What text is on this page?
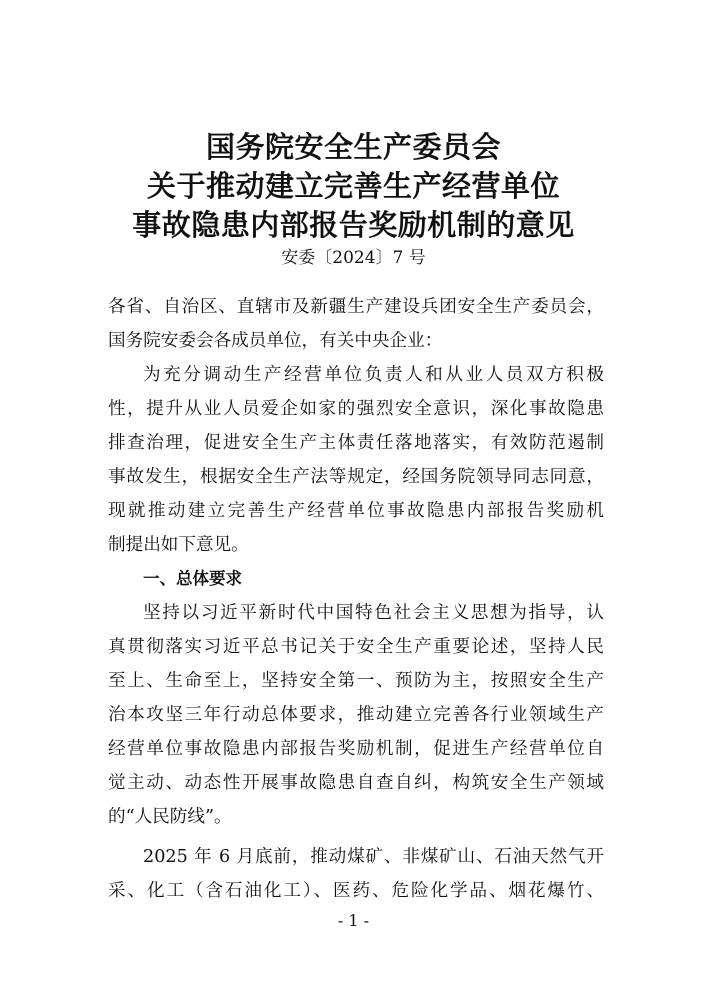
国务院安全生产委员会
关于推动建立完善生产经营单位
事故隐患内部报告奖励机制的意见
安委〔2024〕7 号
各省、自治区、直辖市及新疆生产建设兵团安全生产委员会，
国务院安委会各成员单位，有关中央企业：
为充分调动生产经营单位负责人和从业人员双方积极
性，提升从业人员爱企如家的强烈安全意识，深化事故隐患
排查治理，促进安全生产主体责任落地落实，有效防范遏制
事故发生，根据安全生产法等规定，经国务院领导同志同意，
现就推动建立完善生产经营单位事故隐患内部报告奖励机
制提出如下意见。
一、总体要求
坚持以习近平新时代中国特色社会主义思想为指导，认
真贯彻落实习近平总书记关于安全生产重要论述，坚持人民
至上、生命至上，坚持安全第一、预防为主，按照安全生产
治本攻坚三年行动总体要求，推动建立完善各行业领域生产
经营单位事故隐患内部报告奖励机制，促进生产经营单位自
觉主动、动态性开展事故隐患自查自纠，构筑安全生产领域
的“人民防线”。
2025 年 6 月底前，推动煤矿、非煤矿山、石油天然气开
采、化工（含石油化工）、医药、危险化学品、烟花爆竹、
- 1 -
